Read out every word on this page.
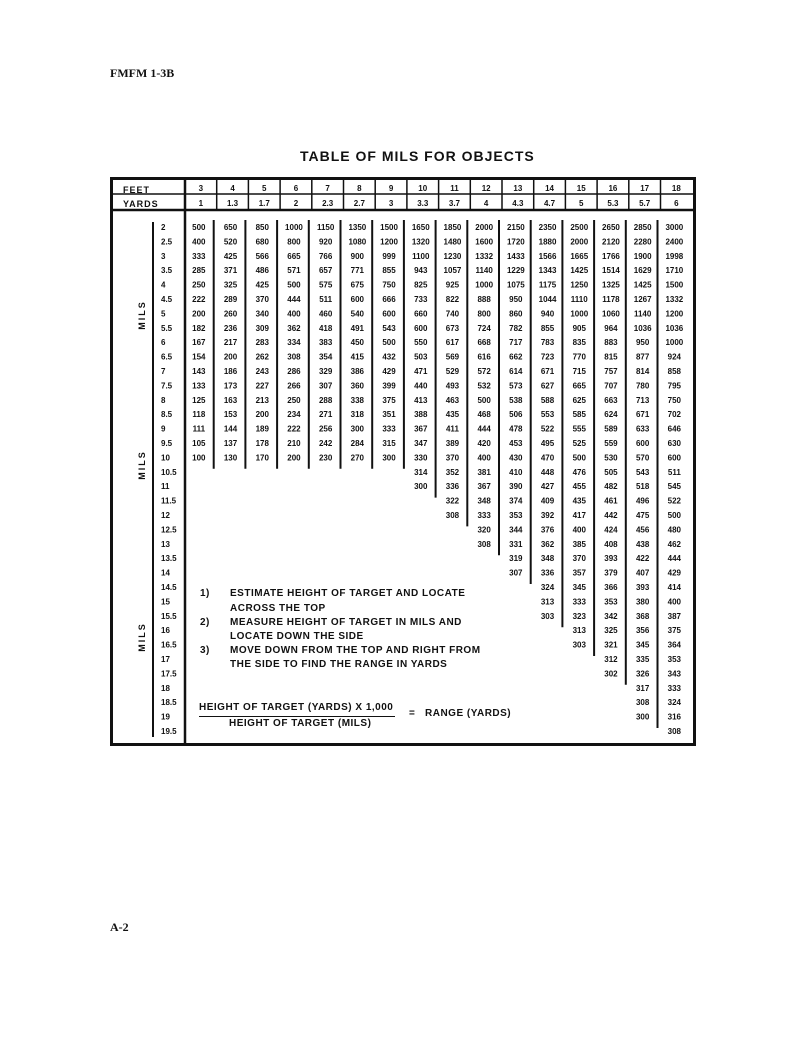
FMFM 1-3B
TABLE OF MILS FOR OBJECTS
3
1
500
400
333
285
250
222
200
182
167
154
143
133
125
118
111
105
100
4
1.3
650
520
425
371
325
289
260
236
217
200
186
173
163
153
144
137
130
5
1.7
850
680
566
486
425
370
340
309
283
262
243
227
213
200
189
178
170
6
2
1000
800
665
571
500
444
400
362
334
308
286
266
250
234
222
210
200
7
2.3
1150
920
766
657
575
511
460
418
383
354
329
307
288
271
256
242
230
8
2.7
1350
1080
900
771
675
600
540
491
450
415
386
360
338
318
300
284
270
9
3
1500
1200
999
855
750
666
600
543
500
432
429
399
375
351
333
315
300
10
3.3
1650
1320
1100
943
825
733
660
600
550
503
471
440
413
388
367
347
330
314
300
11
3.7
1850
1480
1230
1057
925
822
740
673
617
569
529
493
463
435
411
389
370
352
336
322
308
12
4
2000
1600
1332
1140
1000
888
800
724
668
616
572
532
500
468
444
420
400
381
367
348
333
320
308
13
4.3
2150
1720
1433
1229
1075
950
860
782
717
662
614
573
538
506
478
453
430
410
390
374
353
344
331
319
307
14
4.7
2350
1880
1566
1343
1175
1044
940
855
783
723
671
627
588
553
522
495
470
448
427
409
392
376
362
348
336
324
313
303
15
5
2500
2000
1665
1425
1250
1110
1000
905
835
770
715
665
625
585
555
525
500
476
455
435
417
400
385
370
357
345
333
323
313
303
16
5.3
2650
2120
1766
1514
1325
1178
1060
964
883
815
757
707
663
624
589
559
530
505
482
461
442
424
408
393
379
366
353
342
325
321
312
302
17
5.7
2850
2280
1900
1629
1425
1267
1140
1036
950
877
814
780
713
671
633
600
570
543
518
496
475
456
438
422
407
393
380
368
356
345
335
326
317
308
300
18
6
3000
2400
1998
1710
1500
1332
1200
1036
1000
924
858
795
750
702
646
630
600
511
545
522
500
480
462
444
429
414
400
387
375
364
353
343
333
324
316
308
2
2.5
3
3.5
4
4.5
5
5.5
6
6.5
7
7.5
8
8.5
9
9.5
10
10.5
11
11.5
12
12.5
13
13.5
14
14.5
15
15.5
16
16.5
17
17.5
18
18.5
19
19.5
FEET
YARDS
MILS
MILS
MILS
1) ESTIMATE HEIGHT OF TARGET AND LOCATE
ACROSS THE TOP
2) MEASURE HEIGHT OF TARGET IN MILS AND
LOCATE DOWN THE SIDE
3) MOVE DOWN FROM THE TOP AND RIGHT FROM
THE SIDE TO FIND THE RANGE IN YARDS
HEIGHT OF TARGET (YARDS) X 1,000
HEIGHT OF TARGET (MILS)
= RANGE (YARDS)
A-2
